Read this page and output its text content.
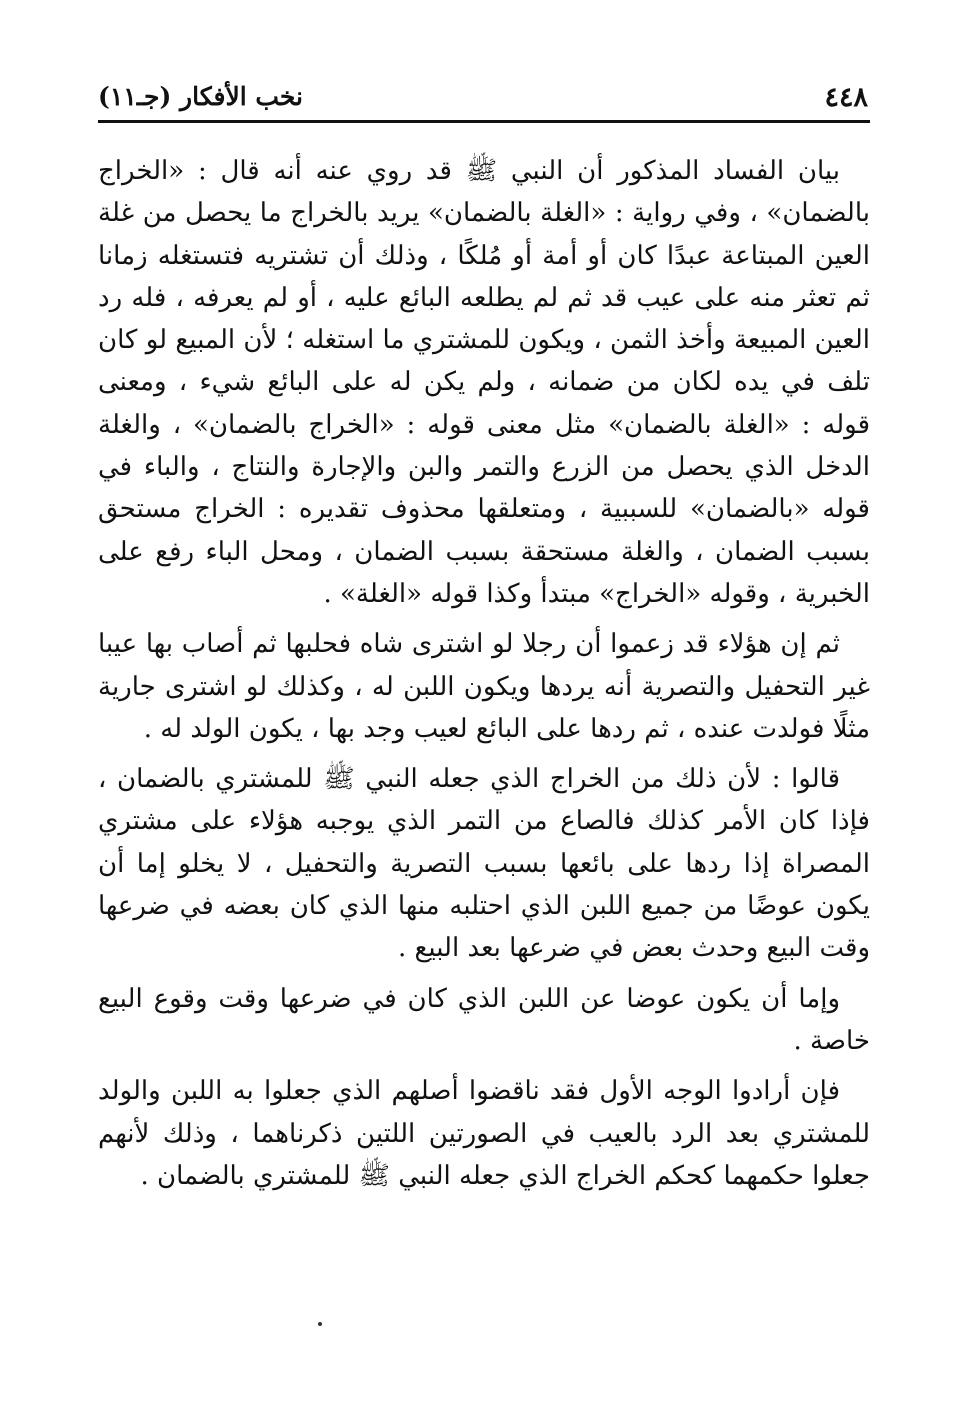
٤٤٨
نخب الأفكار (جـ١١)

بيان الفساد المذكور أن النبي ﷺ قد روي عنه أنه قال : «الخراج بالضمان» ، وفي رواية : «الغلة بالضمان» يريد بالخراج ما يحصل من غلة العين المبتاعة عبدًا كان أو أمة أو مُلكًا ، وذلك أن تشتريه فتستغله زمانا ثم تعثر منه على عيب قد ثم لم يطلعه البائع عليه ، أو لم يعرفه ، فله رد العين المبيعة وأخذ الثمن ، ويكون للمشتري ما استغله ؛ لأن المبيع لو كان تلف في يده لكان من ضمانه ، ولم يكن له على البائع شيء ، ومعنى قوله : «الغلة بالضمان» مثل معنى قوله : «الخراج بالضمان» ، والغلة الدخل الذي يحصل من الزرع والتمر والبن والإجارة والنتاج ، والباء في قوله «بالضمان» للسببية ، ومتعلقها محذوف تقديره : الخراج مستحق بسبب الضمان ، والغلة مستحقة بسبب الضمان ، ومحل الباء رفع على الخبرية ، وقوله «الخراج» مبتدأ وكذا قوله «الغلة» .

ثم إن هؤلاء قد زعموا أن رجلا لو اشترى شاه فحلبها ثم أصاب بها عيبا غير التحفيل والتصرية أنه يردها ويكون اللبن له ، وكذلك لو اشترى جارية مثلًا فولدت عنده ، ثم ردها على البائع لعيب وجد بها ، يكون الولد له .

قالوا : لأن ذلك من الخراج الذي جعله النبي ﷺ للمشتري بالضمان ، فإذا كان الأمر كذلك فالصاع من التمر الذي يوجبه هؤلاء على مشتري المصراة إذا ردها على بائعها بسبب التصرية والتحفيل ، لا يخلو إما أن يكون عوضًا من جميع اللبن الذي احتلبه منها الذي كان بعضه في ضرعها وقت البيع وحدث بعض في ضرعها بعد البيع .

وإما أن يكون عوضا عن اللبن الذي كان في ضرعها وقت وقوع البيع خاصة .

فإن أرادوا الوجه الأول فقد ناقضوا أصلهم الذي جعلوا به اللبن والولد للمشتري بعد الرد بالعيب في الصورتين اللتين ذكرناهما ، وذلك لأنهم جعلوا حكمهما كحكم الخراج الذي جعله النبي ﷺ للمشتري بالضمان .
